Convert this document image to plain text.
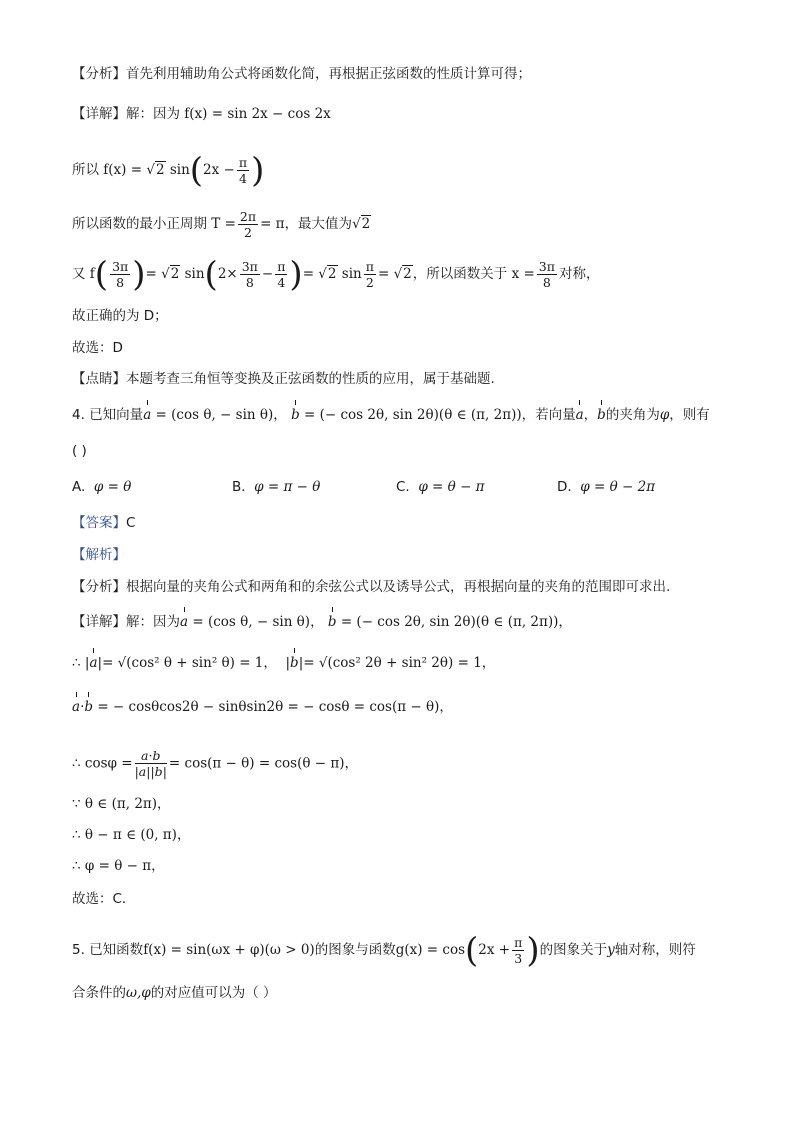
【分析】首先利用辅助角公式将函数化简，再根据正弦函数的性质计算可得；
【详解】解：因为 f(x) = sin 2x − cos 2x
所以 f(x) = √2 $\sin(2x - \frac{\pi}{4}$ )
所以函数的最小正周期 $T = \frac{2\pi}{2} = \pi$，最大值为√2
又 $f( \frac{3\pi}{8}$ )= √2 $\sin(2\times \frac{3\pi}{8} - \frac{\pi}{4}$ )= √2 $\sin \frac{\pi}{2} = √2$，所以函数关于 $x = \frac{3\pi}{8}$ 对称，
故正确的为 D；
故选：D
【点睛】本题考查三角恒等变换及正弦函数的性质的应用，属于基础题.
4. 已知向量a = (cos θ, − sin θ)， b = (− cos 2θ, sin 2θ)(θ ∈ (π, 2π))，若向量a，b的夹角为φ，则有
( )
A. φ = θ	B. φ = π − θ	C. φ = θ − π	D. φ = θ − 2π
【答案】C
【解析】
【分析】根据向量的夹角公式和两角和的余弦公式以及诱导公式，再根据向量的夹角的范围即可求出.
【详解】解：因为a = (cos θ, − sin θ)， b = (− cos 2θ, sin 2θ)(θ ∈ (π, 2π))，
∴ |a|= √(cos² θ + sin² θ) = 1，  |b|= √(cos² 2θ + sin² 2θ) = 1，
a·b = − cosθcos2θ − sinθsin2θ = − cosθ = cos(π − θ)，
∴ $\cos\varphi = \frac{a\cdot b}{|a||b|} = \cos(\pi - \theta) = \cos(\theta - \pi)$，
∵ θ ∈ (π, 2π)，
∴ θ − π ∈ (0, π)，
∴ φ = θ − π，
故选：C．
5. 已知函数f(x) = sin(ωx + φ)(ω > 0)的图象与函数$g(x) = \cos(2x + \frac{\pi}{3}$ )的图象关于y轴对称，则符
合条件的ω,φ的对应值可以为（ ）
